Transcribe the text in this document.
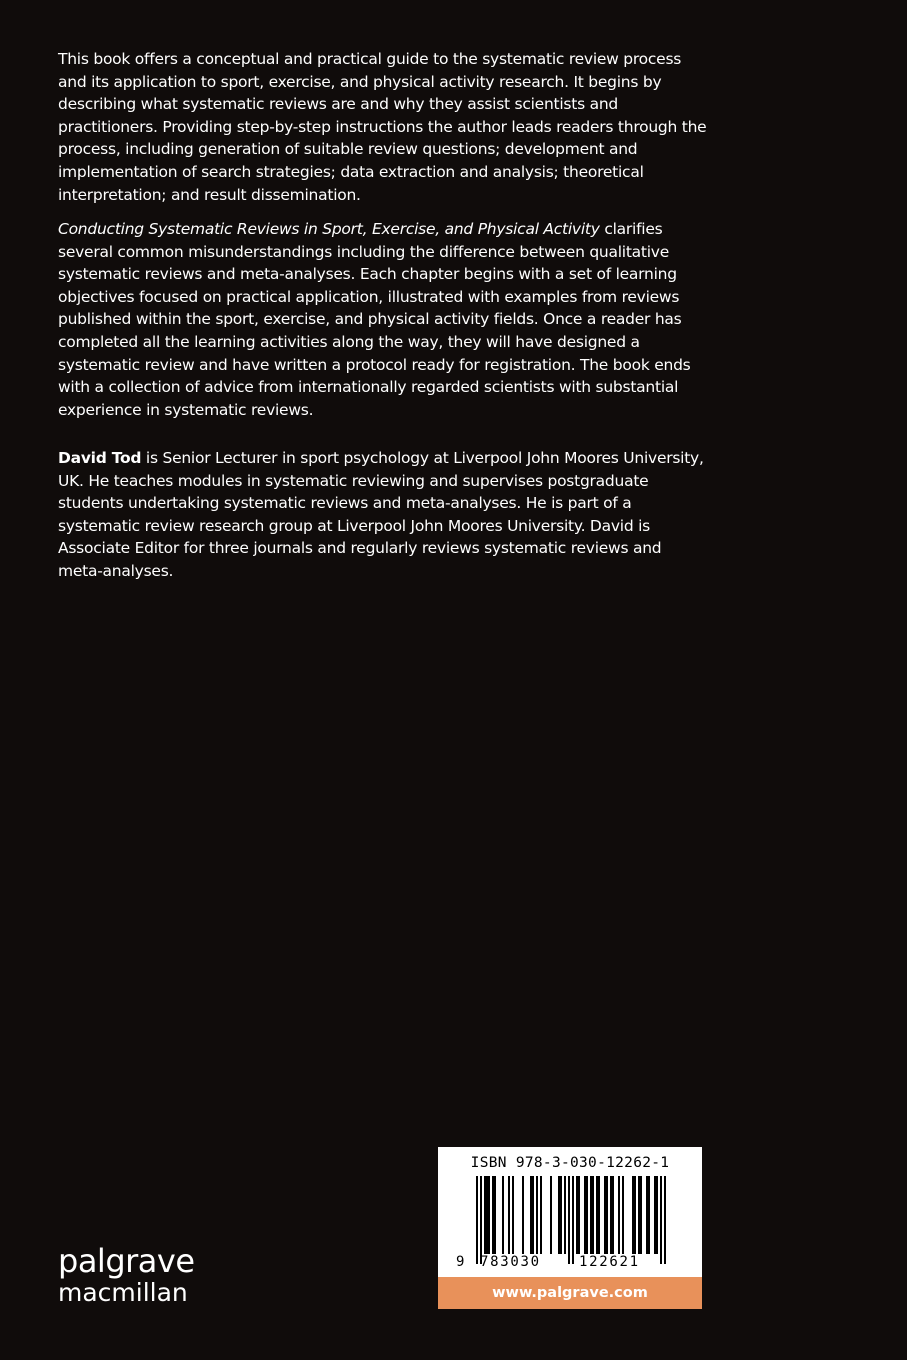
This book offers a conceptual and practical guide to the systematic review process and its application to sport, exercise, and physical activity research. It begins by describing what systematic reviews are and why they assist scientists and practitioners. Providing step-by-step instructions the author leads readers through the process, including generation of suitable review questions; development and implementation of search strategies; data extraction and analysis; theoretical interpretation; and result dissemination.

Conducting Systematic Reviews in Sport, Exercise, and Physical Activity clarifies several common misunderstandings including the difference between qualitative systematic reviews and meta-analyses. Each chapter begins with a set of learning objectives focused on practical application, illustrated with examples from reviews published within the sport, exercise, and physical activity fields. Once a reader has completed all the learning activities along the way, they will have designed a systematic review and have written a protocol ready for registration. The book ends with a collection of advice from internationally regarded scientists with substantial experience in systematic reviews.

David Tod is Senior Lecturer in sport psychology at Liverpool John Moores University, UK. He teaches modules in systematic reviewing and supervises postgraduate students undertaking systematic reviews and meta-analyses. He is part of a systematic review research group at Liverpool John Moores University. David is Associate Editor for three journals and regularly reviews systematic reviews and meta-analyses.

palgrave
macmillan
ISBN 978-3-030-12262-1
9 783030	122621
www.palgrave.com
